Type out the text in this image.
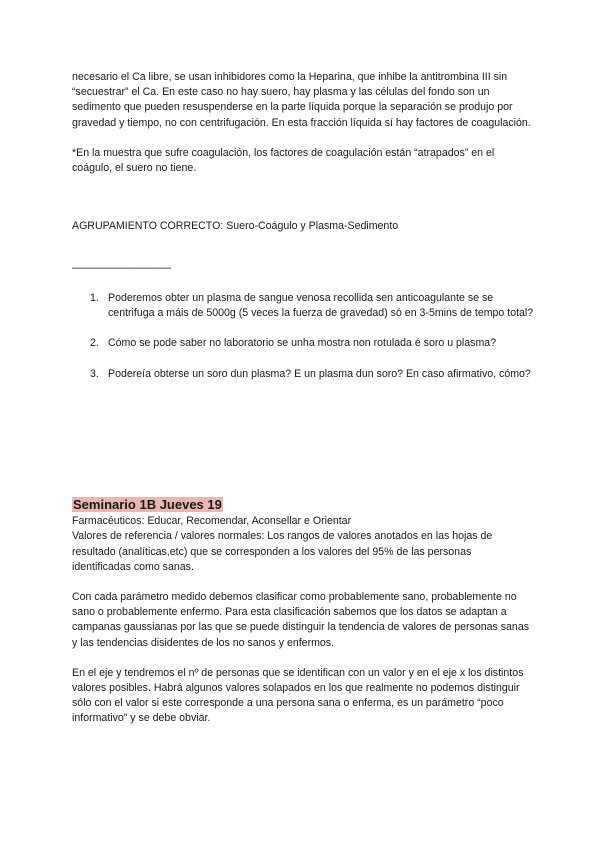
necesario el Ca libre, se usan inhibidores como la Heparina, que inhibe la antitrombina III sin “secuestrar” el Ca. En este caso no hay suero, hay plasma y las células del fondo son un sedimento que pueden resuspenderse en la parte líquida porque la separación se produjo por gravedad y tiempo, no con centrifugación. En esta fracción líquida sí hay factores de coagulación.

*En la muestra que sufre coagulación, los factores de coagulación están “atrapados” en el coágulo, el suero no tiene.

AGRUPAMIENTO CORRECTO: Suero-Coágulo y Plasma-Sedimento
—–––––––––––––––
1. Poderemos obter un plasma de sangue venosa recollida sen anticoagulante se se centrifuga a máis de 5000g (5 veces la fuerza de gravedad) só en 3-5mins de tempo total?
2. Cómo se pode saber no laboratorio se unha mostra non rotulada é soro u plasma?
3. Podereía obterse un soro dun plasma? E un plasma dun soro? En caso afirmativo, cómo?
Seminario 1B Jueves 19

Farmacéuticos: Educar, Recomendar, Aconsellar e Orientar

Valores de referencia / valores normales: Los rangos de valores anotados en las hojas de resultado (analíticas,etc) que se corresponden a los valores del 95% de las personas identificadas como sanas.

Con cada parámetro medido debemos clasificar como probablemente sano, probablemente no sano o probablemente enfermo. Para esta clasificación sabemos que los datos se adaptan a campanas gaussianas por las que se puede distinguir la tendencia de valores de personas sanas y las tendencias disidentes de los no sanos y enfermos.

En el eje y tendremos el nº de personas que se identifican con un valor y en el eje x los distintos valores posibles. Habrá algunos valores solapados en los que realmente no podemos distinguir sólo con el valor si este corresponde a una persona sana o enferma, es un parámetro “poco informativo” y se debe obviar.
